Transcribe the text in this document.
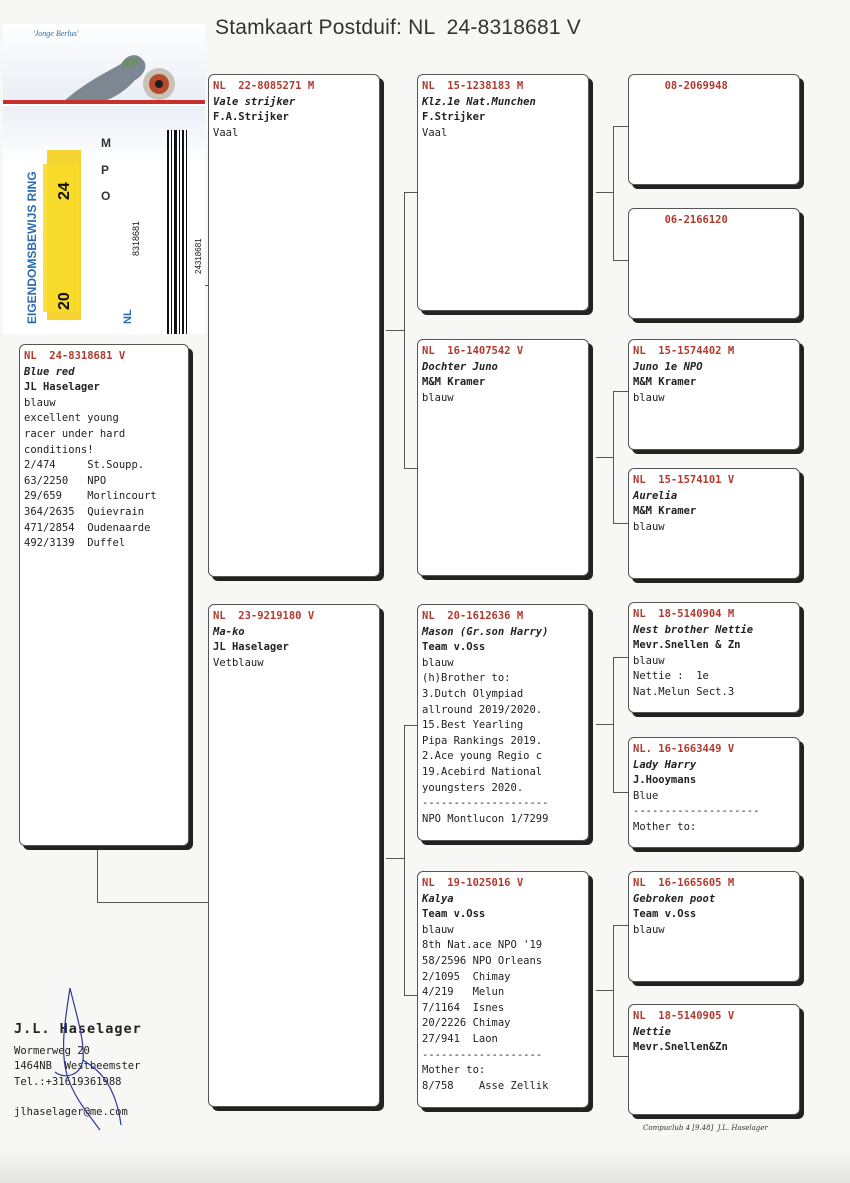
Stamkaart Postduif: NL  24-8318681 V
NL  24-8318681 V
Blue red
JL Haselager
blauw
excellent young
racer under hard
conditions!
2/474     St.Soupp.
63/2250   NPO
29/659    Morlincourt
364/2635  Quievrain
471/2854  Oudenaarde
492/3139  Duffel
NL  22-8085271 M
Vale strijker
F.A.Strijker
Vaal
NL  23-9219180 V
Ma-ko
JL Haselager
Vetblauw
NL  15-1238183 M
Klz.1e Nat.Munchen
F.Strijker
Vaal
NL  16-1407542 V
Dochter Juno
M&M Kramer
blauw
NL  20-1612636 M
Mason (Gr.son Harry)
Team v.Oss
blauw
(h)Brother to:
3.Dutch Olympiad
allround 2019/2020.
15.Best Yearling
Pipa Rankings 2019.
2.Ace young Regio c
19.Acebird National
youngsters 2020.
--------------------
NPO Montlucon 1/7299
NL  19-1025016 V
Kalya
Team v.Oss
blauw
8th Nat.ace NPO '19
58/2596 NPO Orleans
2/1095  Chimay
4/219   Melun
7/1164  Isnes
20/2226 Chimay
27/941  Laon
-------------------
Mother to:
8/758    Asse Zellik
08-2069948
06-2166120
NL  15-1574402 M
Juno 1e NPO
M&M Kramer
blauw
NL  15-1574101 V
Aurelia
M&M Kramer
blauw
NL  18-5140904 M
Nest brother Nettie
Mevr.Snellen & Zn
blauw
Nettie :  1e
Nat.Melun Sect.3
NL. 16-1663449 V
Lady Harry
J.Hooymans
Blue
--------------------
Mother to:
NL  16-1665605 M
Gebroken poot
Team v.Oss
blauw
NL  18-5140905 V
Nettie
Mevr.Snellen&Zn
'Jonge Berlus'
EIGENDOMSBEWIJS RING	NL
20
24
8318681	24318681
M
P
O
J.L. Haselager
Wormerweg 20
1464NB  Westbeemster
Tel.:+31619361988
jlhaselager@me.com
Compuclub 4 [9.48]  J.L. Haselager
